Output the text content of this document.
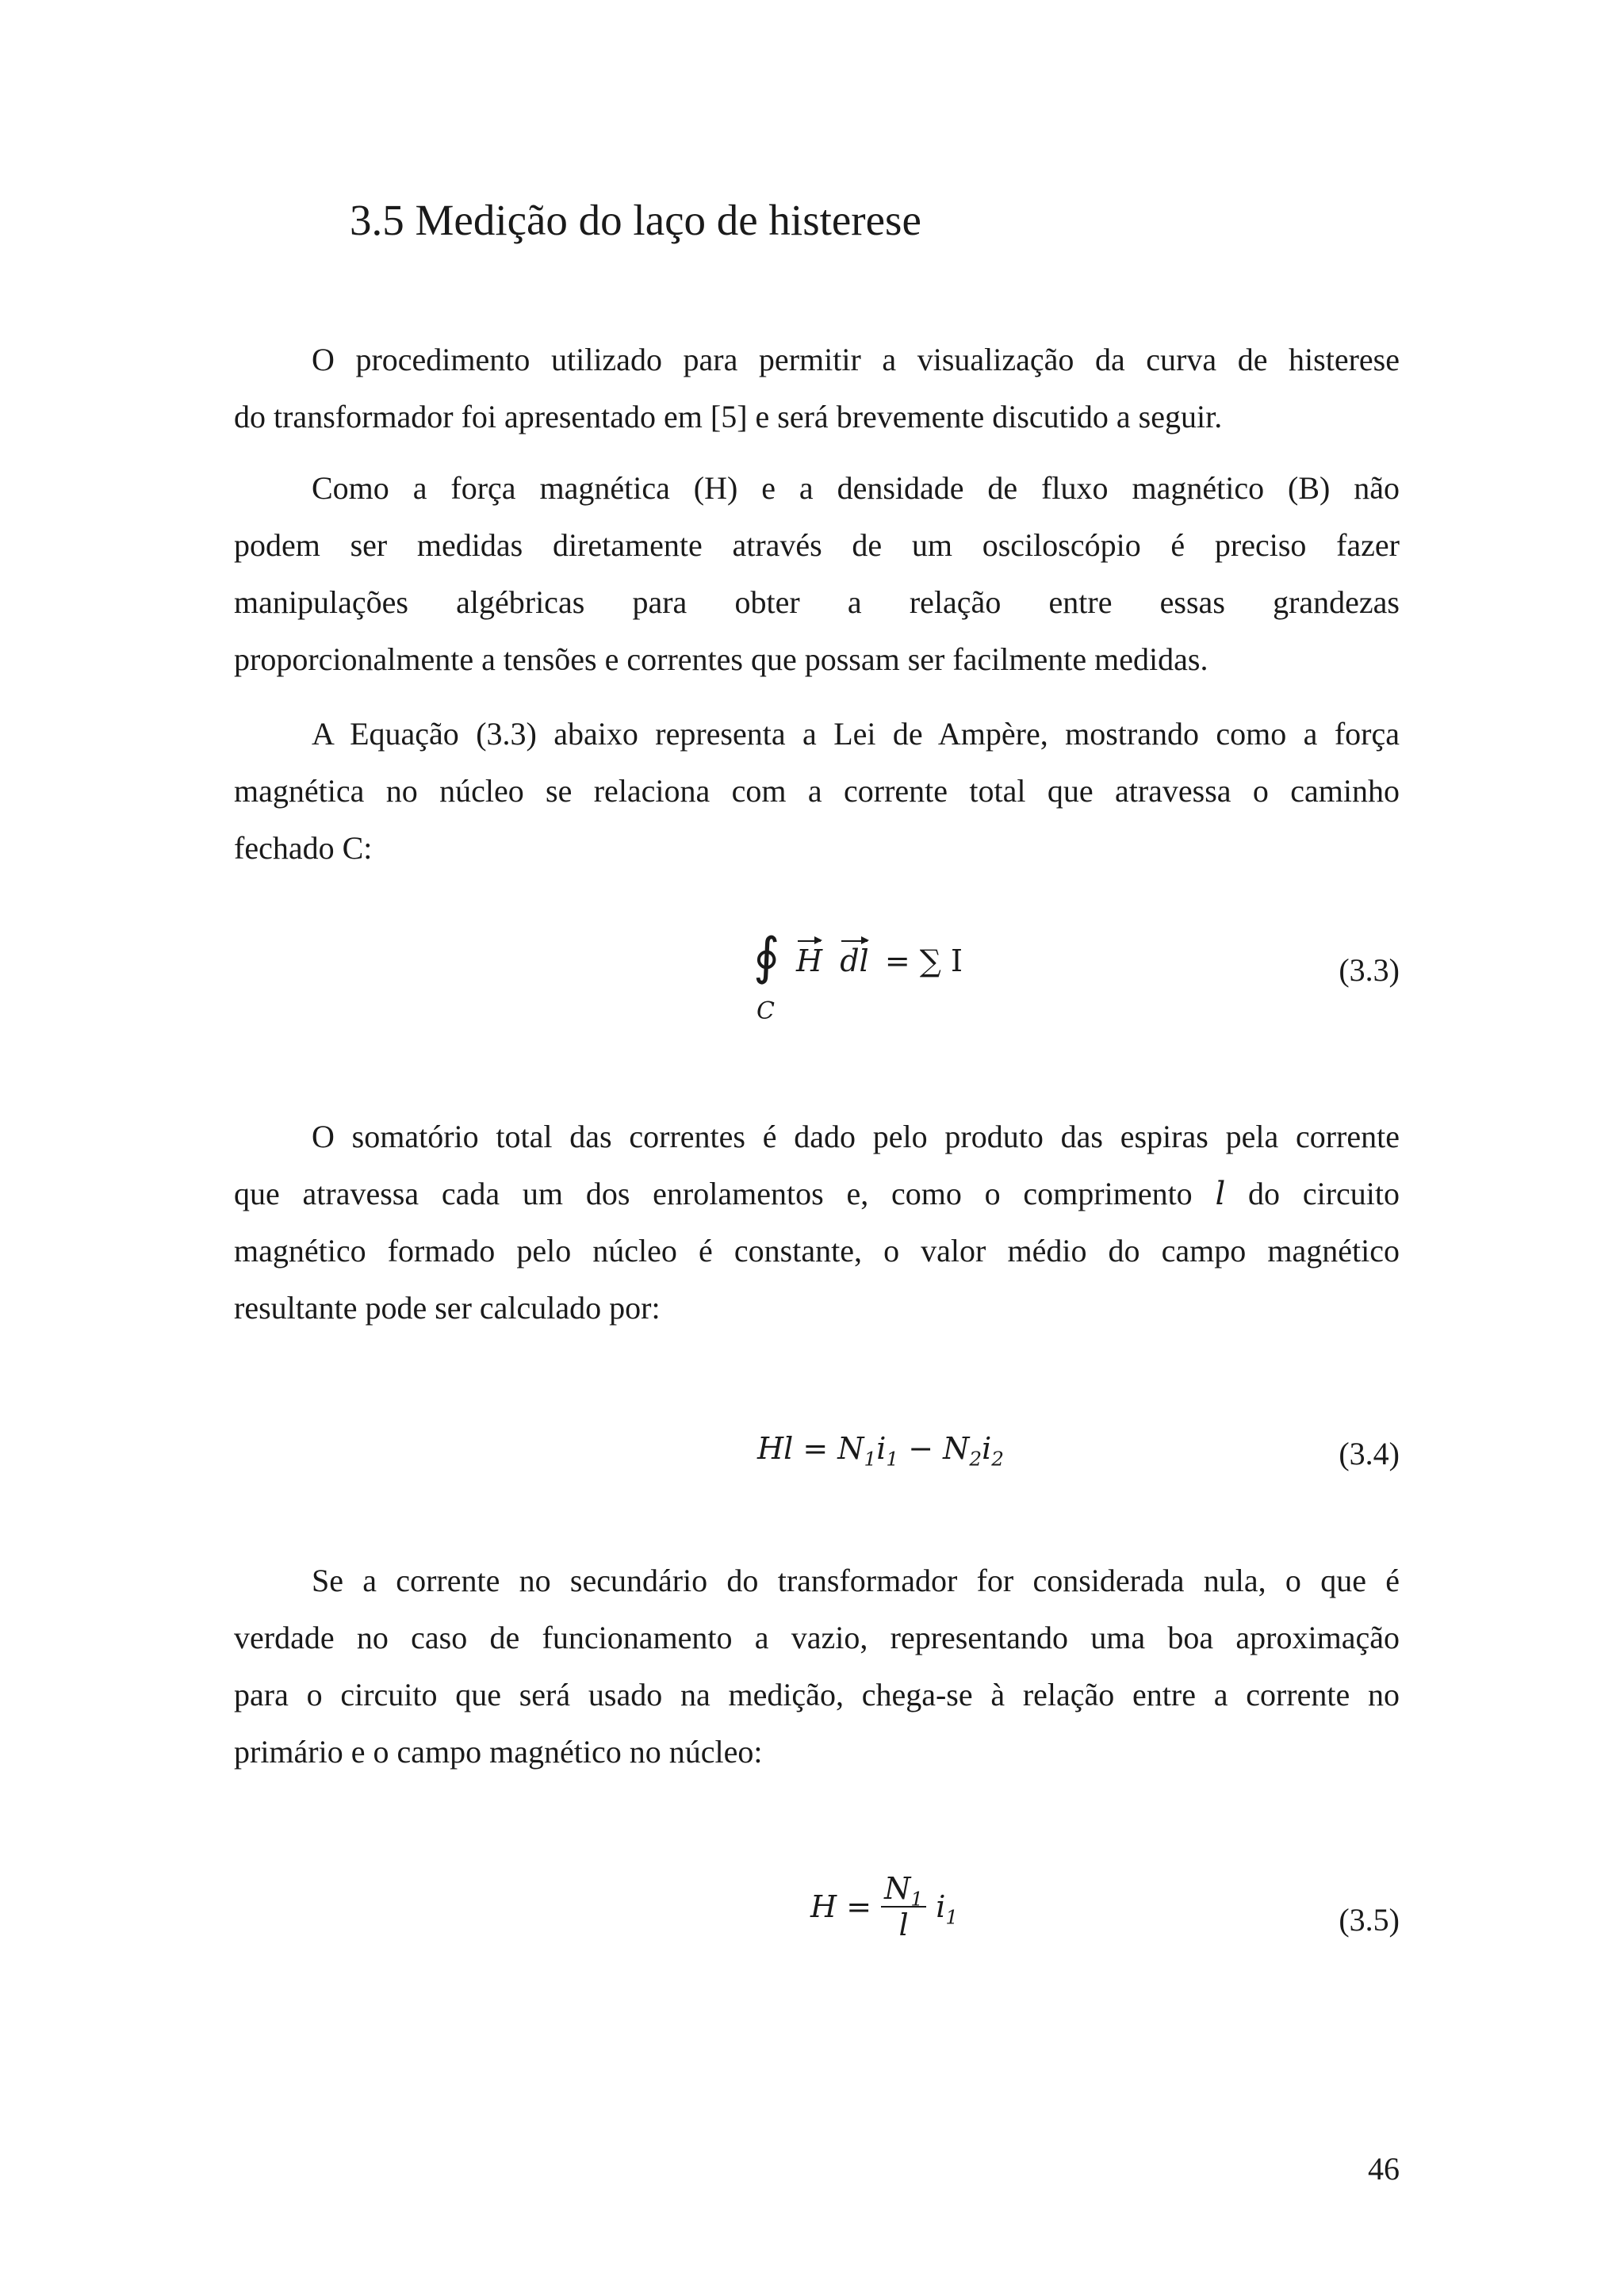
3.5 Medição do laço de histerese
O procedimento utilizado para permitir a visualização da curva de histerese
do transformador foi apresentado em [5] e será brevemente discutido a seguir.
Como a força magnética (H) e a densidade de fluxo magnético (B) não
podem ser medidas diretamente através de um osciloscópio é preciso fazer
manipulações algébricas para obter a relação entre essas grandezas
proporcionalmente a tensões e correntes que possam ser facilmente medidas.
A Equação (3.3) abaixo representa a Lei de Ampère, mostrando como a força
magnética no núcleo se relaciona com a corrente total que atravessa o caminho
fechado C:
∮
C
H dl = ∑ I	(3.3)
O somatório total das correntes é dado pelo produto das espiras pela corrente
que atravessa cada um dos enrolamentos e, como o comprimento l do circuito
magnético formado pelo núcleo é constante, o valor médio do campo magnético
resultante pode ser calculado por:
$Hl = N_1i_1 - N_2i_2$	(3.4)
Se a corrente no secundário do transformador for considerada nula, o que é
verdade no caso de funcionamento a vazio, representando uma boa aproximação
para o circuito que será usado na medição, chega-se à relação entre a corrente no
primário e o campo magnético no núcleo:
$H = \frac{N_1}{l} i_1$	(3.5)
46
